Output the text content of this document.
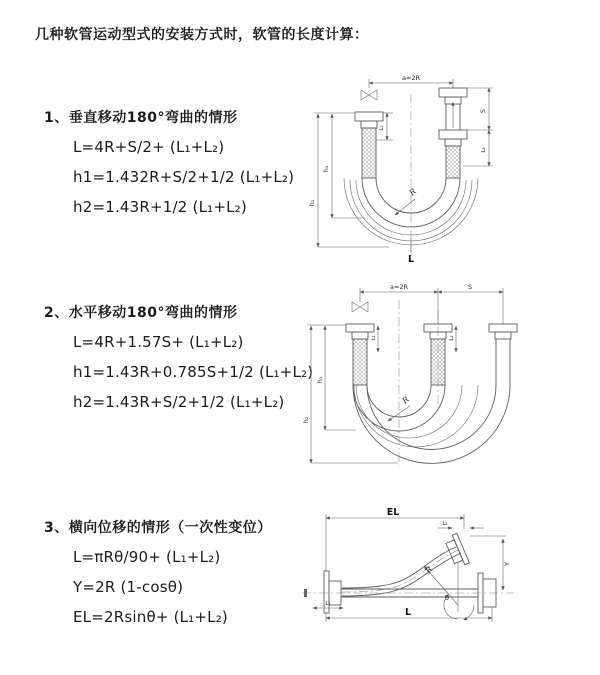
几种软管运动型式的安装方式时，软管的长度计算：
1、垂直移动180°弯曲的情形
L=4R+S/2+ (L₁+L₂)
h1=1.432R+S/2+1/2 (L₁+L₂)
h2=1.43R+1/2 (L₁+L₂)
2、水平移动180°弯曲的情形
L=4R+1.57S+ (L₁+L₂)
h1=1.43R+0.785S+1/2 (L₁+L₂)
h2=1.43R+S/2+1/2 (L₁+L₂)
3、横向位移的情形（一次性变位）
L=πRθ/90+ (L₁+L₂)
Y=2R (1-cosθ)
EL=2Rsinθ+ (L₁+L₂)
a=2R
L₁
h₁
h₂
S
L₂
R
L
a=2R	S
h₁
h₂
L₁	L₂
R
EL
L₂
Y
R
θ
L₁
L
